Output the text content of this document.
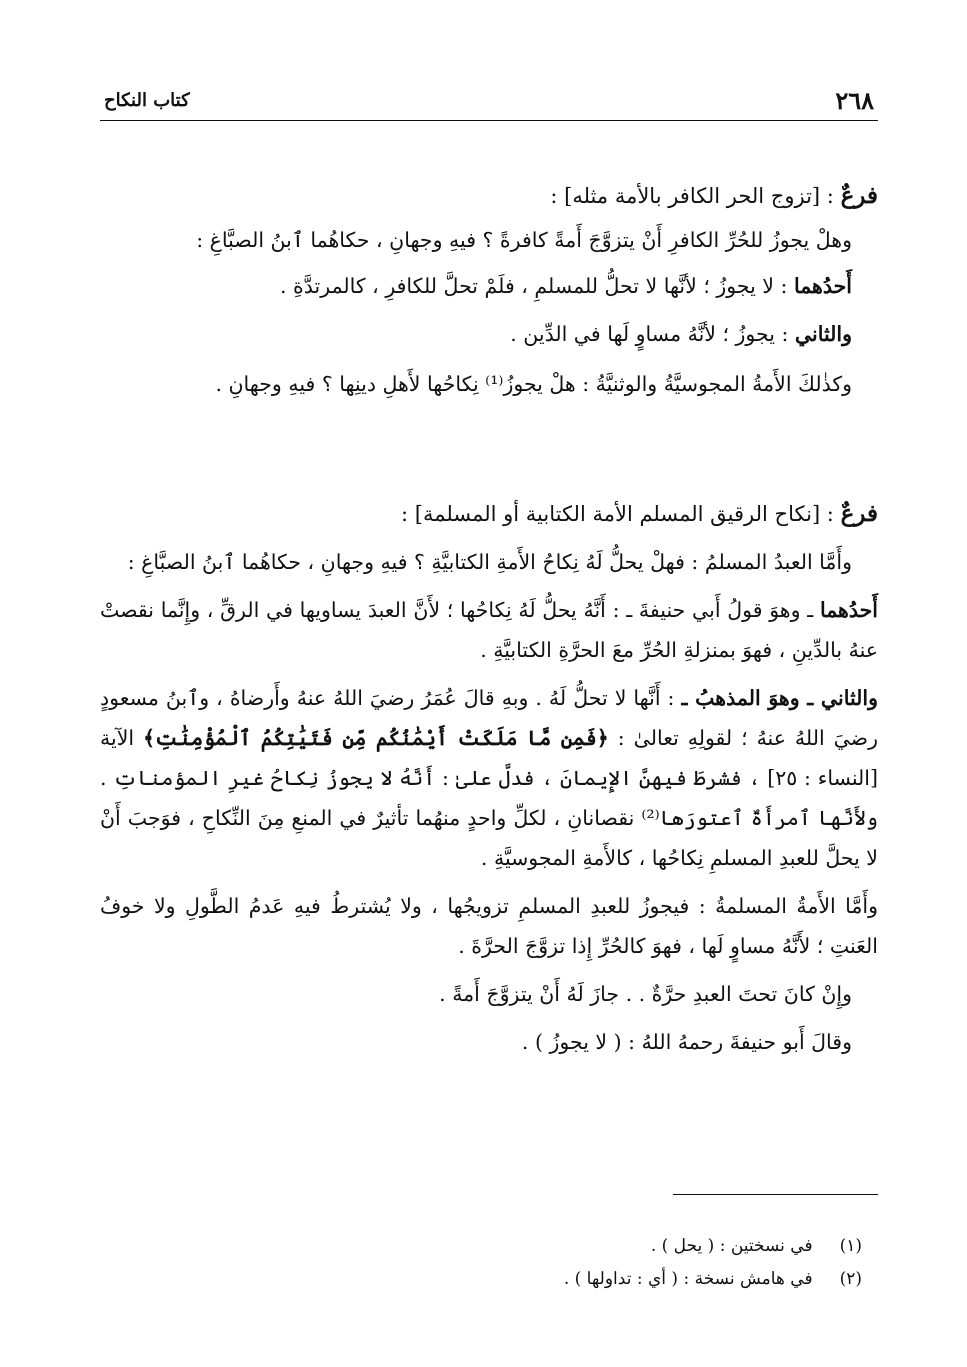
٢٦٨
كتاب النكاح
فرعٌ : [تزوج الحر الكافر بالأمة مثله] :

وهلْ يجوزُ للحُرِّ الكافرِ أَنْ يتزوَّجَ أَمةً كافرةً ؟ فيهِ وجهانِ ، حكاهُما ٱبنُ الصبَّاغِ :

أَحدُهما : لا يجوزُ ؛ لأنَّها لا تحلُّ للمسلمِ ، فلَمْ تحلَّ للكافرِ ، كالمرتدَّةِ .

والثاني : يجوزُ ؛ لأنَّهُ مساوٍ لَها في الدِّين .

وكذٰلكَ الأَمةُ المجوسيَّةُ والوثنيَّةُ : هلْ يجوزُ⁽¹⁾ نِكاحُها لأَهلِ دينِها ؟ فيهِ وجهانِ .

فرعٌ : [نكاح الرقيق المسلم الأمة الكتابية أو المسلمة] :

وأَمَّا العبدُ المسلمُ : فهلْ يحلُّ لَهُ نِكاحُ الأَمةِ الكتابيَّةِ ؟ فيهِ وجهانِ ، حكاهُما ٱبنُ الصبَّاغِ :

أَحدُهما ـ وهوَ قولُ أَبي حنيفةَ ـ : أَنَّهُ يحلُّ لَهُ نِكاحُها ؛ لأَنَّ العبدَ يساويها في الرقِّ ، وإِنَّما نقصتْ عنهُ بالدِّينِ ، فهوَ بمنزلةِ الحُرِّ معَ الحرَّةِ الكتابيَّةِ .

والثاني ـ وهوَ المذهبُ ـ : أَنَّها لا تحلُّ لَهُ . وبهِ قالَ عُمَرُ رضيَ اللهُ عنهُ وأَرضاهُ ، وٱبنُ مسعودٍ رضيَ اللهُ عنهُ ؛ لقولِهِ تعالىٰ : ﴿فَمِن مَّا مَلَكَتْ أَيْمَٰنُكُم مِّن فَتَيَٰتِكُمُ ٱلْمُؤْمِنَٰتِ﴾ الآية [النساء : ٢٥] ، فشرطَ فيهنَّ الإِيمانَ ، فدلَّ علىٰ : أَنَّهُ لا يجوزُ نِكاحُ غيرِ المؤمناتِ . ولأَنَّها ٱمرأَةٌ ٱعتورَها⁽²⁾ نقصانانِ ، لكلِّ واحدٍ منهُما تأثيرٌ في المنعِ مِنَ النِّكاحِ ، فوَجبَ أَنْ لا يحلَّ للعبدِ المسلمِ نِكاحُها ، كالأَمةِ المجوسيَّةِ .

وأَمَّا الأَمةُ المسلمةُ : فيجوزُ للعبدِ المسلمِ تزويجُها ، ولا يُشترطُ فيهِ عَدمُ الطَّولِ ولا خوفُ العَنتِ ؛ لأَنَّهُ مساوٍ لَها ، فهوَ كالحُرِّ إِذا تزوَّجَ الحرَّةَ .

وإِنْ كانَ تحتَ العبدِ حرَّةٌ . . جازَ لَهُ أَنْ يتزوَّجَ أَمةً .

وقالَ أَبو حنيفةَ رحمهُ اللهُ : ( لا يجوزُ ) .

(١) في نسختين : ( يحل ) .
(٢) في هامش نسخة : ( أي : تداولها ) .
